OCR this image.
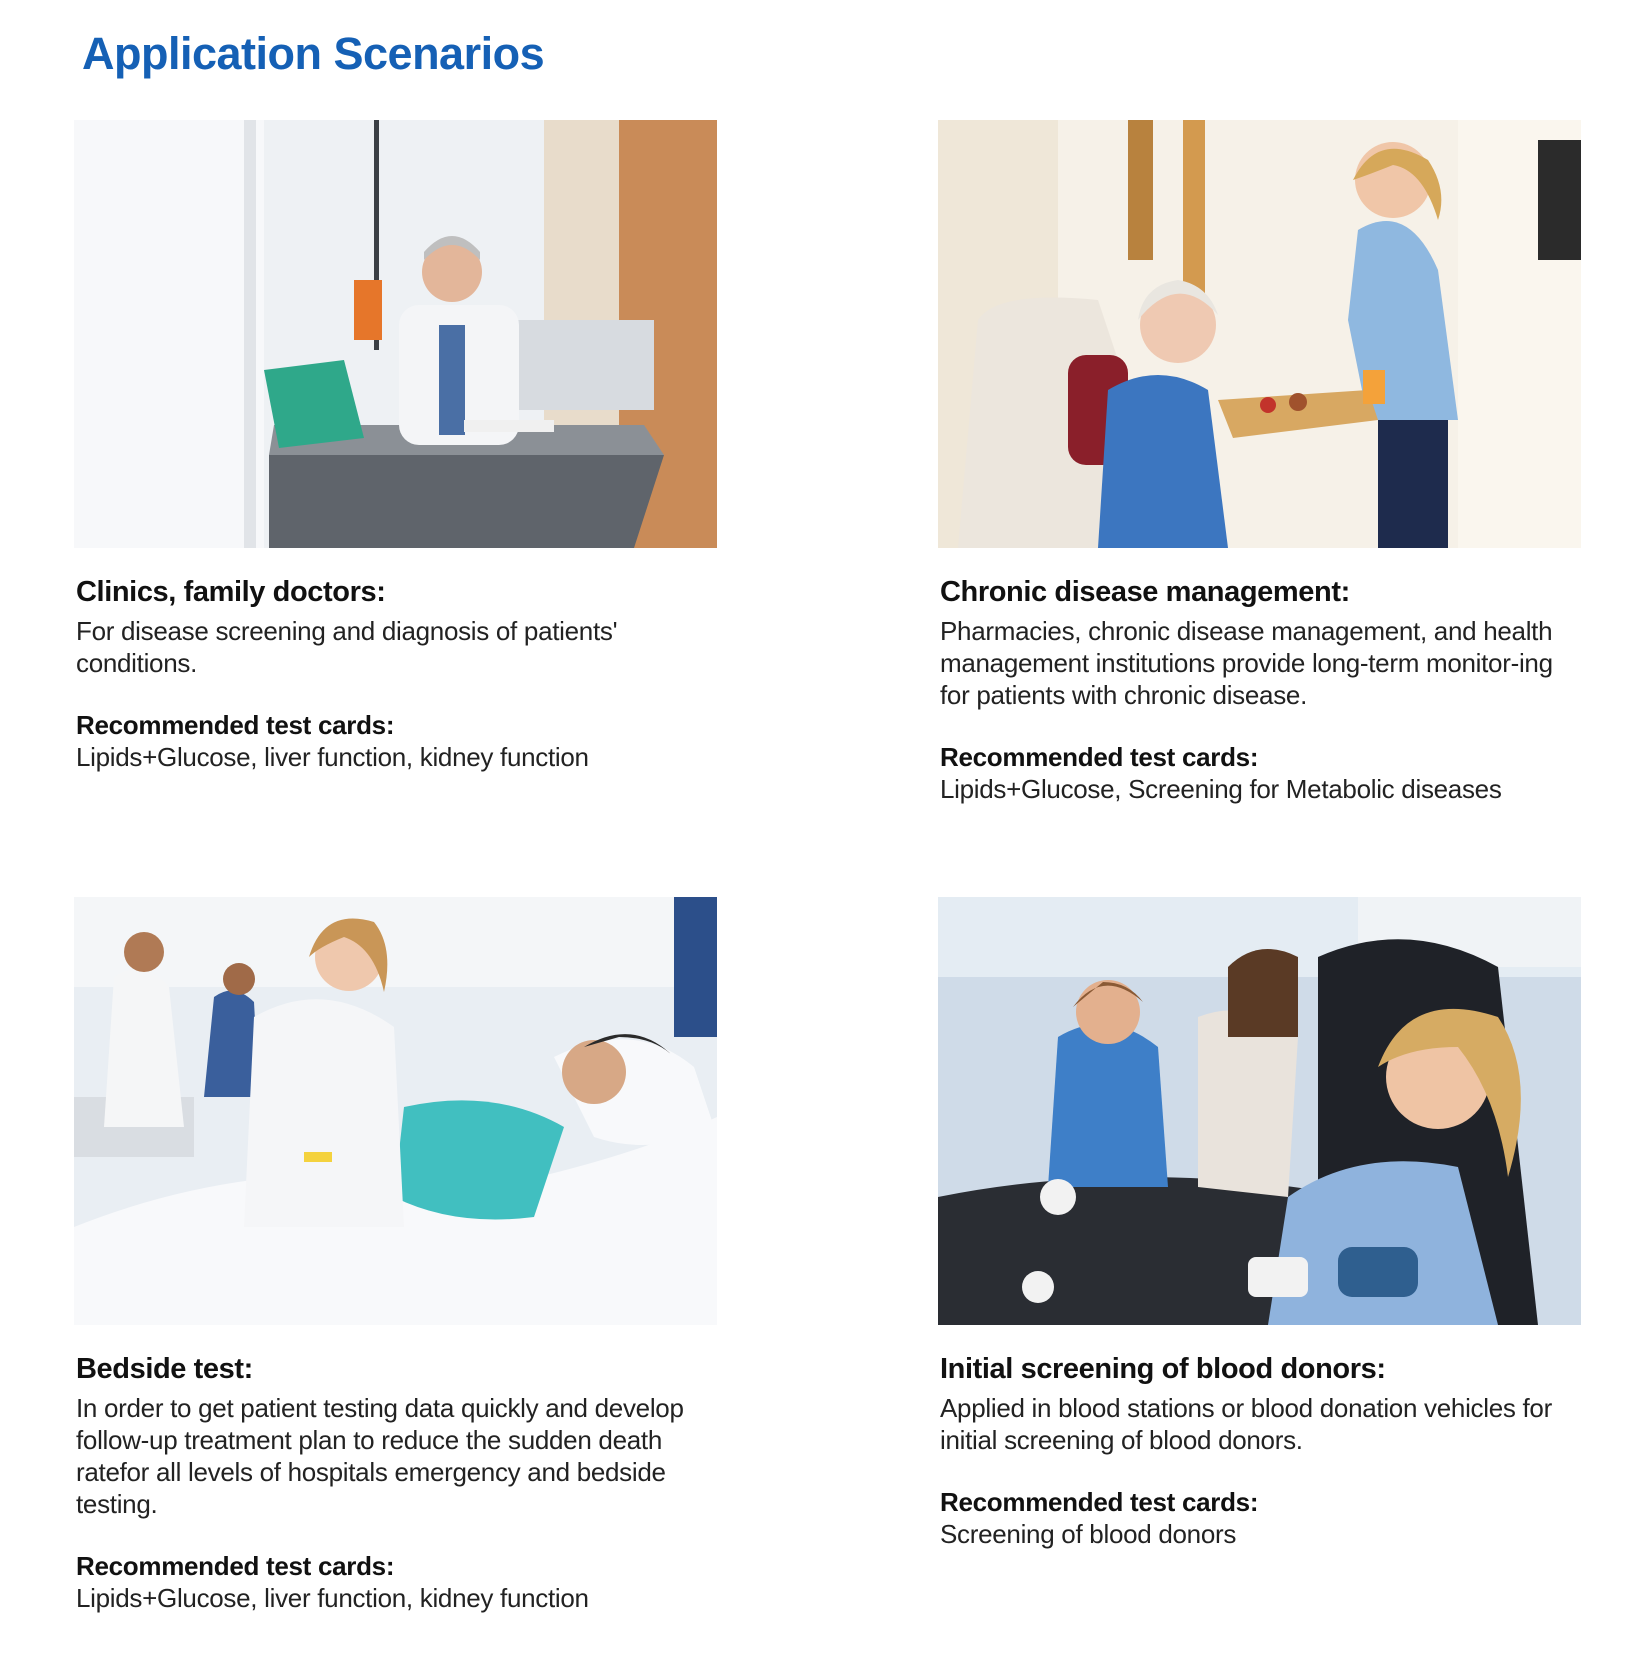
Application Scenarios
Clinics, family doctors:

For disease screening and diagnosis of patients' conditions.

Recommended test cards:

Lipids+Glucose, liver function, kidney function

Chronic disease management:

Pharmacies, chronic disease management, and health management institutions provide long-term monitor-ing for patients with chronic disease.

Recommended test cards:

Lipids+Glucose, Screening for Metabolic diseases

Bedside test:

In order to get patient testing data quickly and develop follow-up treatment plan to reduce the sudden death ratefor all levels of hospitals emergency and bedside testing.

Recommended test cards:

Lipids+Glucose, liver function, kidney function

Initial screening of blood donors:

Applied in blood stations or blood donation vehicles for initial screening of blood donors.

Recommended test cards:

Screening of blood donors
